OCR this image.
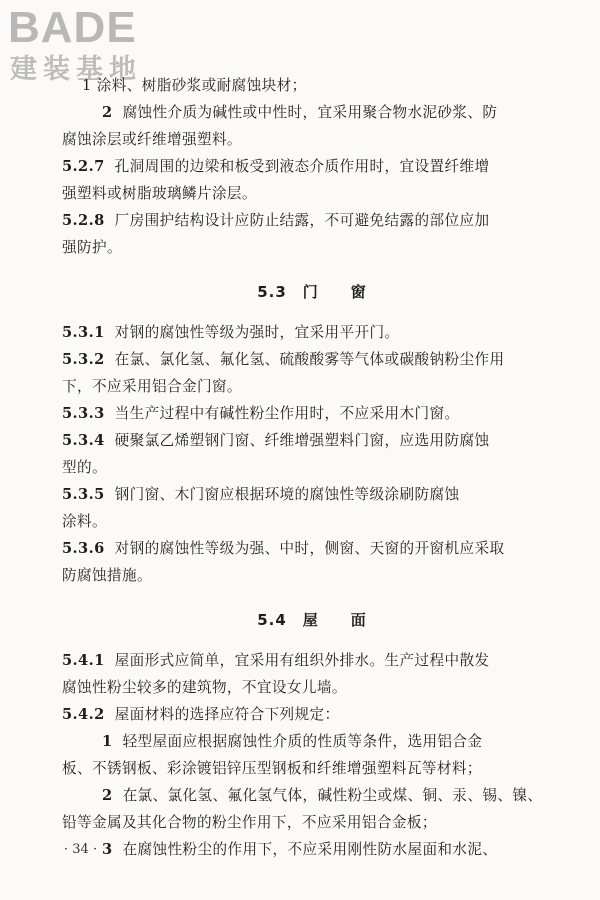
BADE
建装基地

1 涂料、树脂砂浆或耐腐蚀块材；

2 腐蚀性介质为碱性或中性时，宜采用聚合物水泥砂浆、防

腐蚀涂层或纤维增强塑料。

5.2.7 孔洞周围的边梁和板受到液态介质作用时，宜设置纤维增

强塑料或树脂玻璃鳞片涂层。

5.2.8 厂房围护结构设计应防止结露，不可避免结露的部位应加

强防护。

5.3 门 窗

5.3.1 对钢的腐蚀性等级为强时，宜采用平开门。

5.3.2 在氯、氯化氢、氟化氢、硫酸酸雾等气体或碳酸钠粉尘作用

下，不应采用铝合金门窗。

5.3.3 当生产过程中有碱性粉尘作用时，不应采用木门窗。

5.3.4 硬聚氯乙烯塑钢门窗、纤维增强塑料门窗，应选用防腐蚀

型的。

5.3.5 钢门窗、木门窗应根据环境的腐蚀性等级涂刷防腐蚀

涂料。

5.3.6 对钢的腐蚀性等级为强、中时，侧窗、天窗的开窗机应采取

防腐蚀措施。

5.4 屋 面

5.4.1 屋面形式应简单，宜采用有组织外排水。生产过程中散发

腐蚀性粉尘较多的建筑物，不宜设女儿墙。

5.4.2 屋面材料的选择应符合下列规定：

1 轻型屋面应根据腐蚀性介质的性质等条件，选用铝合金

板、不锈钢板、彩涂镀铝锌压型钢板和纤维增强塑料瓦等材料；

2 在氯、氯化氢、氟化氢气体，碱性粉尘或煤、铜、汞、锡、镍、

铅等金属及其化合物的粉尘作用下，不应采用铝合金板；

3 在腐蚀性粉尘的作用下，不应采用刚性防水屋面和水泥、

· 34 ·
